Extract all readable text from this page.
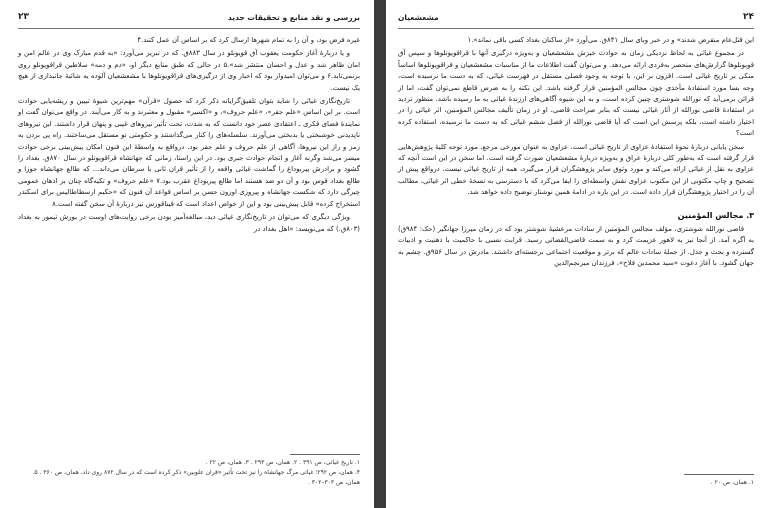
۲۳	بررسی و نقد منابع و تحقیقات جدید

غیره فرض بود، و آن را به تمام شهرها ارسال کرد که بر اساس آن عمل کنند.۴

و یا دربارهٔ آغاز حکومت یعقوب آق قویونلو در سال ۸۸۳ق. که در تبریز می‌آورد: «به قدم مبارک وی در عالم امن و امان ظاهر شد و عدل و احسان منتشر شد».۵ در حالی که طبق منابع دیگر او، «دم و دمه» سلاطین قراقویونلو روی برنمی‌تابد.۶ و می‌توان امیدوار بود که اخبار وی از درگیری‌های قراقویونلوها با مشعشعیان آلوده به شائبهٔ جانبداری از هیچ یک نیست.

تاریخ‌نگاری غیاثی را شاید بتوان تلفیق‌گرایانه ذکر کرد که حصول «قرآن» مهم‌ترین شیوهٔ تبیین و ریشه‌یابی حوادث است. بر این اساس «علم جفر»، «علم حروف»، و «اکسیر» مقبول و معتبرند و به کار می‌آیند. در واقع می‌توان گفت او نمایندهٔ فضای فکری ـ اعتقادی عصر خود دانست که به شدت، تحت تأثیر نیروهای غیبی و پنهان قرار داشتند. این نیروهای ناپدیدنی خوشبختی یا بدبختی می‌آورند. سلسله‌های را کنار می‌گذاشتند و حکومتی نو مستقل می‌ساختند. راه پی بردن به رمز و راز این نیروها، آگاهی از علم حروف و علم جفر بود. درواقع به واسطهٔ این فنون امکان پیش‌بینی برخی حوادث میسر می‌شد وگرنه آغاز و انجام حوادث جبری بود. در این راستا، زمانی که جهانشاه قراقویونلو در سال ۸۷۰ق. بغداد را گشود و برادرش پیربوداغ را گماشت غیاثی واقعه را از تأثیر قران ثانی با سرطان می‌داند... که طالع جهانشاه جوزا و طالع بغداد قوس بود و آن دو ضد هستند اما طالع پیربوداغ عقرب بود.۷ «علم حروف» و تکیه‌گاه چنان بر اذهان عمومی چیرگی دارد که شکست جهانشاه و پیروزی اوزون حسن بر اساس قواعد آن فنون که «حکیم ارسطاطالیس برای اسکندر استخراج کرده» قابل پیش‌بینی بود و این از خواص اعداد است که قیناقورس نیز دربارهٔ آن سخن گفته است.۸

ویژگی دیگری که می‌توان در تاریخ‌نگاری غیاثی دید، مبالغه‌آمیز بودن برخی روایت‌های اوست در یورش تیمور به بغداد (۸۰۳ق.) که می‌نویسد: «اهل بغداد در

۱. تاریخ غیاثی، ص ۳۹۱ . ۲. همان، ص ۲۹۳ . ۳. همان، ص ۲۲ .
۴. همان، ص ۲۹۲؛ غیاثی مرگ جهانشاه را نیز تحت تأثیر «قران علویین» ذکر کرده است که در سال ۸۷۲ روی داد، همان، ص ۳۶۰ . ۵. همان، ص ۳۰۳–۳۰۲ .
۲۴
مشعشعیان

این قتل‌عام منقرض شدند» و در خبر وبای سال ۸۴۱ق. می‌آورد «از ساکنان بغداد کسی باقی نماند».۱

در مجموع غیاثی به لحاظ نزدیکی زمان به حوادث خیزش مشعشعیان و به‌ویژه درگیری آنها با قراقویونلوها و سپس آق قویونلوها گزارش‌های منحصر به‌فردی ارائه می‌دهد. و می‌توان گفت اطلاعات ما از مناسبات مشعشعیان و قراقویونلوها اساساً متکی بر تاریخ غیاثی است. افزون بر این، با توجه به وجود فصلی مستقل در فهرست غیاثی، که به دست ما نرسیده است، وجه بسا مورد استفادهٔ مأخذی چون مجالس المؤمنین قرار گرفته باشد. این نکته را به ضرس قاطع نمی‌توان گفت، اما از قرائن برمی‌آید که نورالله شوشتری چنین کرده است، و به این شیوه آگاهی‌های ارزندهٔ غیاثی به ما رسیده باشد. منظور تردید در استفادهٔ قاضی نورالله از آثار غیاثی نیست که بنابر صراحت قاضی، او در زمان تألیف مجالس المؤمنین، اثر غیاثی را در اختیار داشته است، بلکه پرسش این است که آیا قاضی نورالله از فصل ششم غیاثی که به دست ما نرسیده، استفاده کرده است؟

سخن پایانی دربارهٔ نحوهٔ استفادهٔ عزاوی از تاریخ غیاثی است. عزاوی به عنوان مورخی مرجع، مورد توجه کلیهٔ پژوهش‌هایی قرار گرفته است که به‌طور کلی دربارهٔ عراق و به‌ویژه دربارهٔ مشعشعیان صورت گرفته است. اما سخن در این است آنچه که عزاوی به نقل از غیاثی ارائه می‌کند و مورد وثوق سایر پژوهشگران قرار می‌گیرد، همه از تاریخ غیاثی نیست. درواقع پیش از تصحیح و چاپ مکتوبی از این مکتوب عزاوی نقش واسطه‌ای را ایفا می‌کرد که با دسترسی به نسخهٔ خطی اثر غیاثی، مطالب آن را در اختیار پژوهشگران قرار داده است. در این باره در ادامهٔ همین نوشتار توضیح داده خواهد شد.

۳. مجالس المؤمنین

قاضی نورالله شوشتری، مؤلف مجالس المؤمنین از سادات مرعشیهٔ شوشتر بود که در زمان میرزا جهانگیر (حک: ۹۸۴ق) به آگره آمد. از آنجا نیز به لاهور عزیمت کرد و به سمت قاضی‌القضاتی رسید. قرابت نسبی با حاکمیت با ذهنیت و ادبیات گسترده و بحث و جدل. از جملهٔ سادات عالم که برتر و موقعیت اجتماعی برجسته‌ای داشتند. مادرش در سال ۹۵۶ق. چشم به جهان گشود. با آغاز دعوت «سید محمدبن فلاح»، فرزندان میرنجم‌الدین

۱. همان، ص ۲۰ .
